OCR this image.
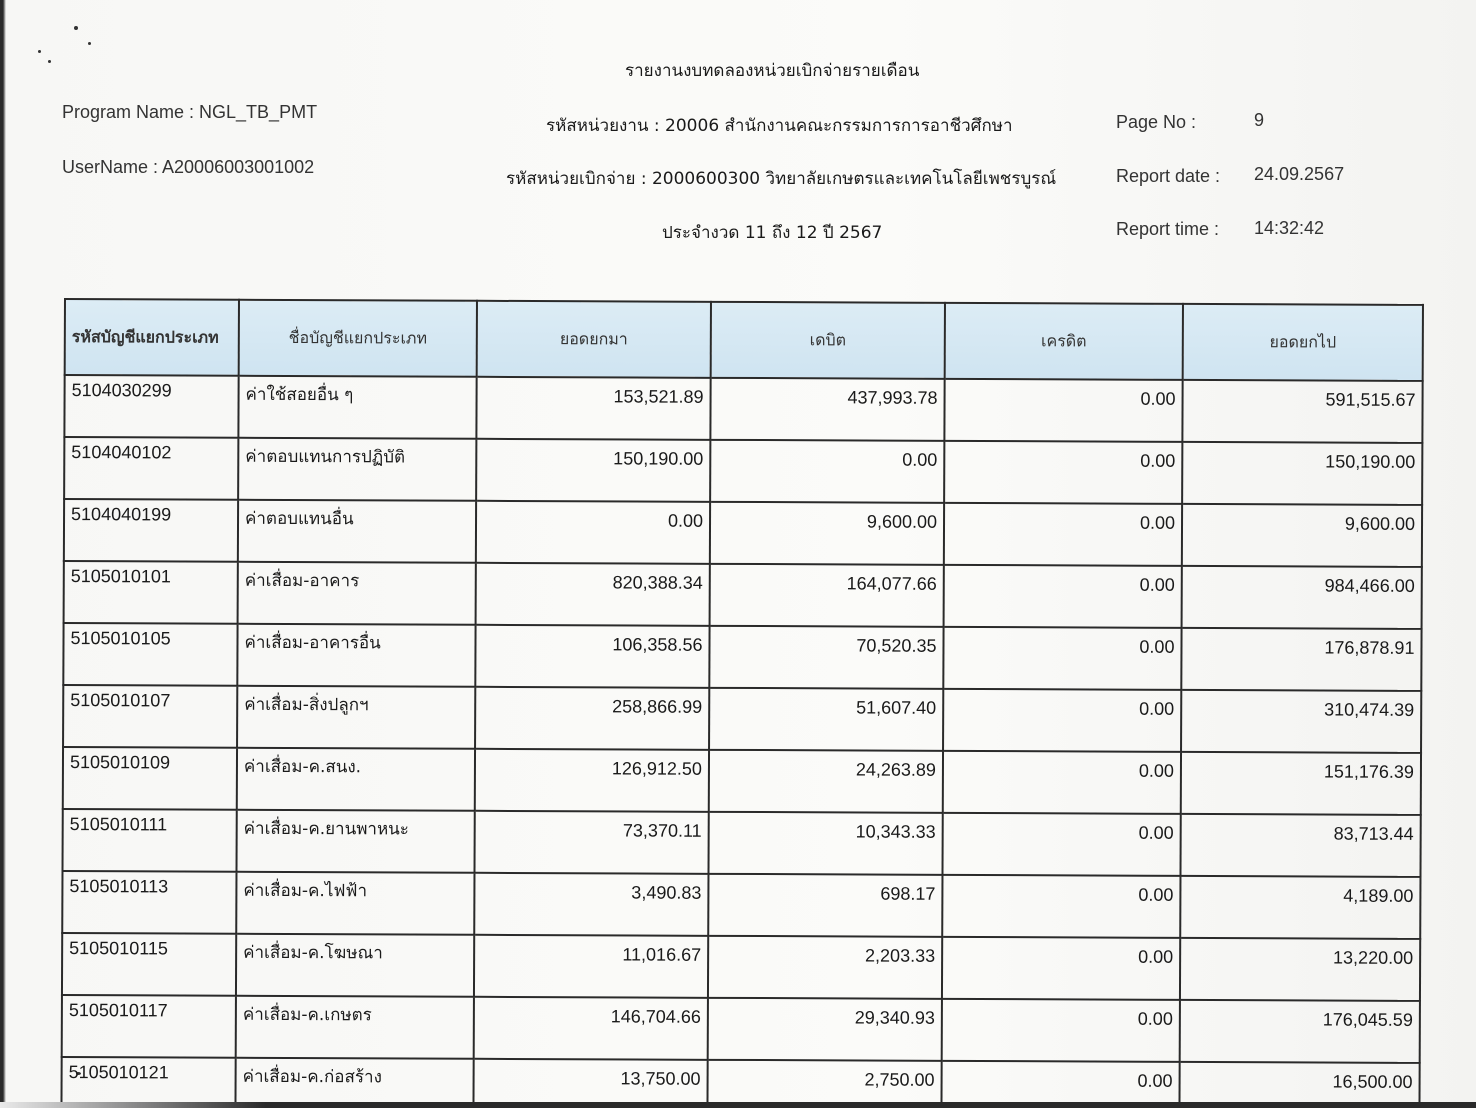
รายงานงบทดลองหน่วยเบิกจ่ายรายเดือน
Program Name : NGL_TB_PMT
UserName : A20006003001002
รหัสหน่วยงาน : 20006 สำนักงานคณะกรรมการการอาชีวศึกษา
รหัสหน่วยเบิกจ่าย : 2000600300 วิทยาลัยเกษตรและเทคโนโลยีเพชรบูรณ์
ประจำงวด 11 ถึง 12 ปี 2567
Page No :	9
Report date : 24.09.2567
Report time : 14:32:42
รหัสบัญชีแยกประเภท	ชื่อบัญชีแยกประเภท	ยอดยกมา	เดบิต	เครดิต	ยอดยกไป
5104030299	ค่าใช้สอยอื่น ๆ	153,521.89	437,993.78	0.00	591,515.67
5104040102	ค่าตอบแทนการปฏิบัติ	150,190.00	0.00	0.00	150,190.00
5104040199	ค่าตอบแทนอื่น	0.00	9,600.00	0.00	9,600.00
5105010101	ค่าเสื่อม-อาคาร	820,388.34	164,077.66	0.00	984,466.00
5105010105	ค่าเสื่อม-อาคารอื่น	106,358.56	70,520.35	0.00	176,878.91
5105010107	ค่าเสื่อม-สิ่งปลูกฯ	258,866.99	51,607.40	0.00	310,474.39
5105010109	ค่าเสื่อม-ค.สนง.	126,912.50	24,263.89	0.00	151,176.39
5105010111	ค่าเสื่อม-ค.ยานพาหนะ	73,370.11	10,343.33	0.00	83,713.44
5105010113	ค่าเสื่อม-ค.ไฟฟ้า	3,490.83	698.17	0.00	4,189.00
5105010115	ค่าเสื่อม-ค.โฆษณา	11,016.67	2,203.33	0.00	13,220.00
5105010117	ค่าเสื่อม-ค.เกษตร	146,704.66	29,340.93	0.00	176,045.59
5105010121	ค่าเสื่อม-ค.ก่อสร้าง	13,750.00	2,750.00	0.00	16,500.00
